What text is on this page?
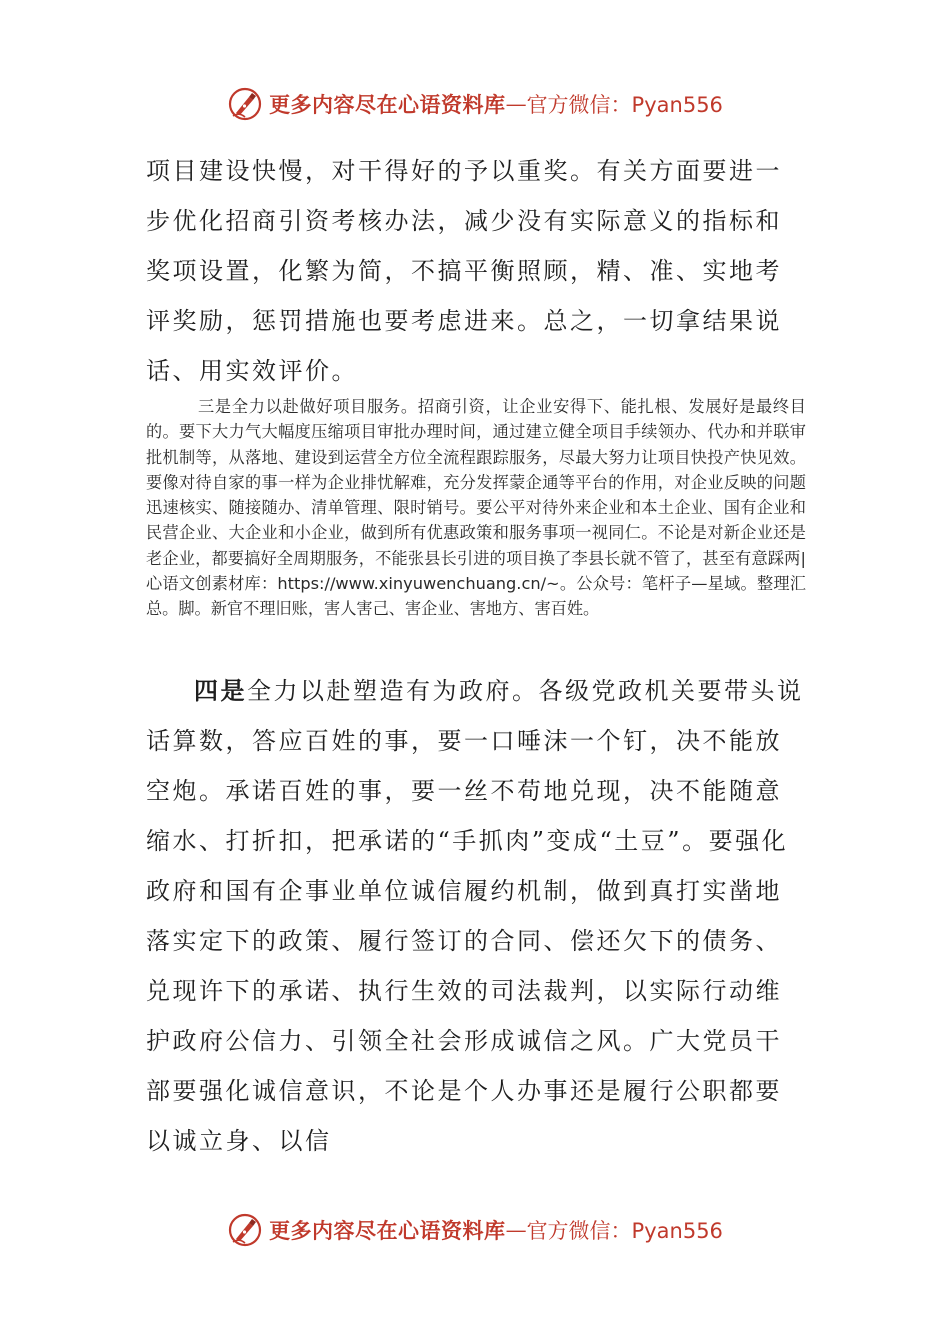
更多内容尽在心语资料库 — 官方微信：Pyan556

项目建设快慢，对干得好的予以重奖。有关方面要进一步优化招商引资考核办法，减少没有实际意义的指标和奖项设置，化繁为简，不搞平衡照顾，精、准、实地考评奖励，惩罚措施也要考虑进来。总之，一切拿结果说话、用实效评价。

三是全力以赴做好项目服务。招商引资，让企业安得下、能扎根、发展好是最终目的。要下大力气大幅度压缩项目审批办理时间，通过建立健全项目手续领办、代办和并联审批机制等，从落地、建设到运营全方位全流程跟踪服务，尽最大努力让项目快投产快见效。要像对待自家的事一样为企业排忧解难，充分发挥蒙企通等平台的作用，对企业反映的问题迅速核实、随接随办、清单管理、限时销号。要公平对待外来企业和本土企业、国有企业和民营企业、大企业和小企业，做到所有优惠政策和服务事项一视同仁。不论是对新企业还是老企业，都要搞好全周期服务，不能张县长引进的项目换了李县长就不管了，甚至有意踩两|心语文创素材库：https://www.xinyuwenchuang.cn/~。公众号：笔杆子—星域。整理汇总。脚。新官不理旧账，害人害己、害企业、害地方、害百姓。

四是全力以赴塑造有为政府。各级党政机关要带头说话算数，答应百姓的事，要一口唾沫一个钉，决不能放空炮。承诺百姓的事，要一丝不苟地兑现，决不能随意缩水、打折扣，把承诺的“手抓肉”变成“土豆”。要强化政府和国有企事业单位诚信履约机制，做到真打实凿地落实定下的政策、履行签订的合同、偿还欠下的债务、兑现许下的承诺、执行生效的司法裁判，以实际行动维护政府公信力、引领全社会形成诚信之风。广大党员干部要强化诚信意识，不论是个人办事还是履行公职都要以诚立身、以信

更多内容尽在心语资料库 — 官方微信：Pyan556
